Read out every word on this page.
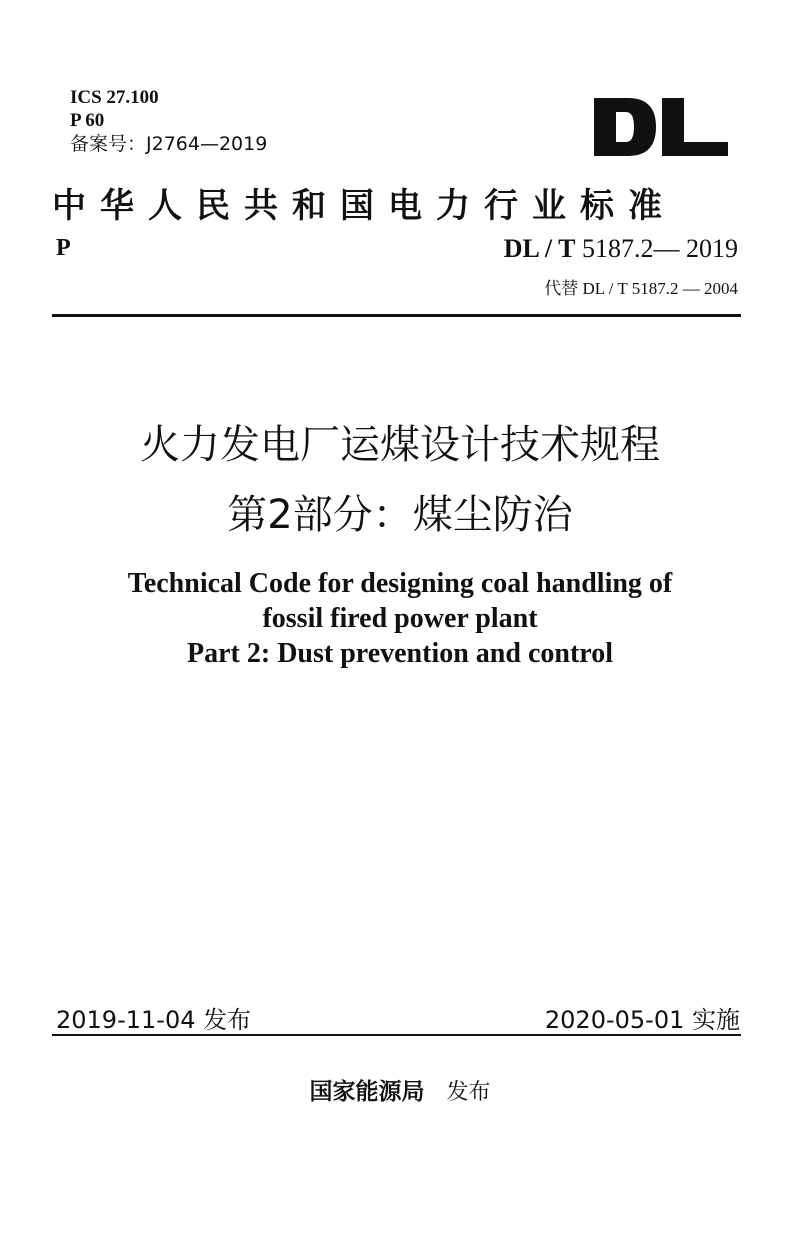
ICS 27.100
P 60
备案号：J2764—2019
中华人民共和国电力行业标准
P	DL / T 5187.2— 2019
代替 DL / T 5187.2 — 2004
火力发电厂运煤设计技术规程
第2部分：煤尘防治
Technical Code for designing coal handling of
fossil fired power plant
Part 2: Dust prevention and control
2019-11-04 发布	2020-05-01 实施
国家能源局 发布
